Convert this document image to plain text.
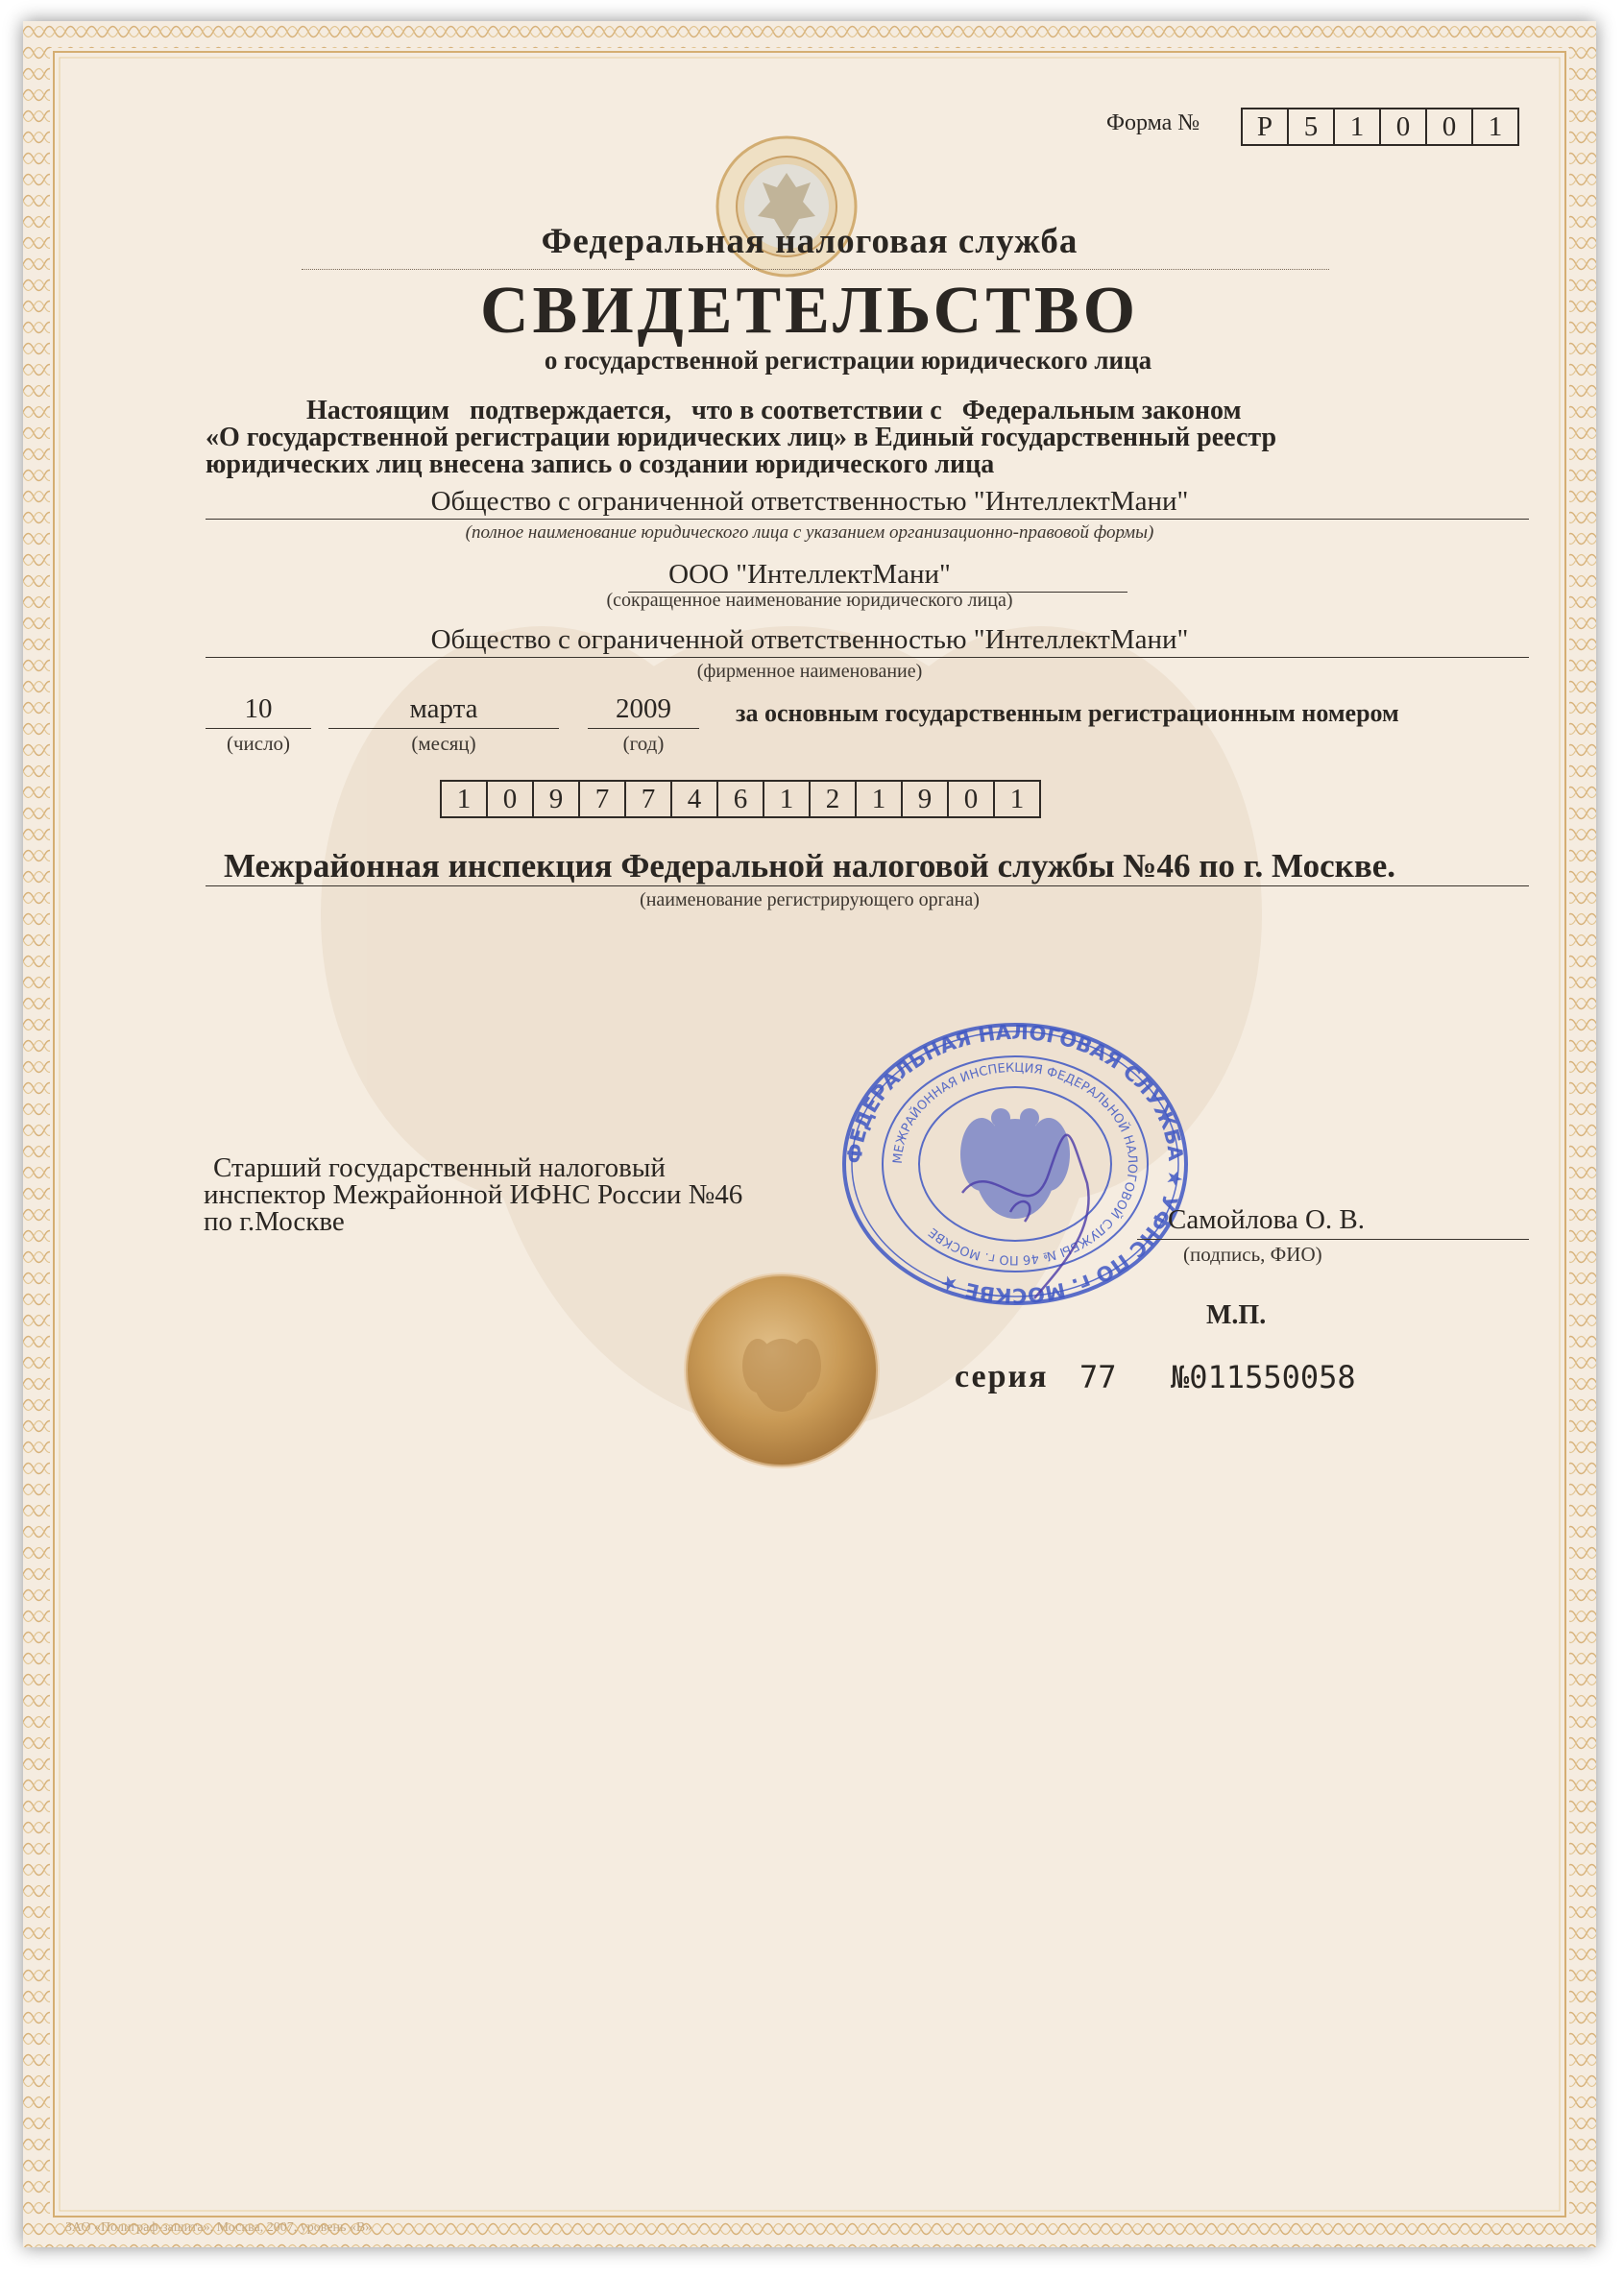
Форма №	Р	5	1	0	0	1
Федеральная налоговая служба
СВИДЕТЕЛЬСТВО
о государственной регистрации юридического лица
Настоящим   подтверждается,   что в соответствии с   Федеральным законом
«О государственной регистрации юридических лиц» в Единый государственный реестр
юридических лиц внесена запись о создании юридического лица
Общество с ограниченной ответственностью "ИнтеллектМани"
(полное наименование юридического лица с указанием организационно-правовой формы)
ООО "ИнтеллектМани"
(сокращенное наименование юридического лица)
Общество с ограниченной ответственностью "ИнтеллектМани"
(фирменное наименование)
10
(число)
марта
(месяц)
2009
(год)
за основным государственным регистрационным номером
1	0	9	7	7	4	6	1	2	1	9	0	1
Межрайонная инспекция Федеральной налоговой службы №46 по г. Москве.
(наименование регистрирующего органа)
Старший государственный налоговый
инспектор Межрайонной ИФНС России №46
по г.Москве
ФЕДЕРАЛЬНАЯ НАЛОГОВАЯ СЛУЖБА ★ УФНС ПО г. МОСКВЕ ★
МЕЖРАЙОННАЯ ИНСПЕКЦИЯ ФЕДЕРАЛЬНОЙ НАЛОГОВОЙ СЛУЖБЫ № 46 ПО г. МОСКВЕ	Самойлова О. В.
(подпись, ФИО)
М.П.
серия 77 №011550058
ЗАО «Полиграф-защита», Москва, 2007, уровень «В»
